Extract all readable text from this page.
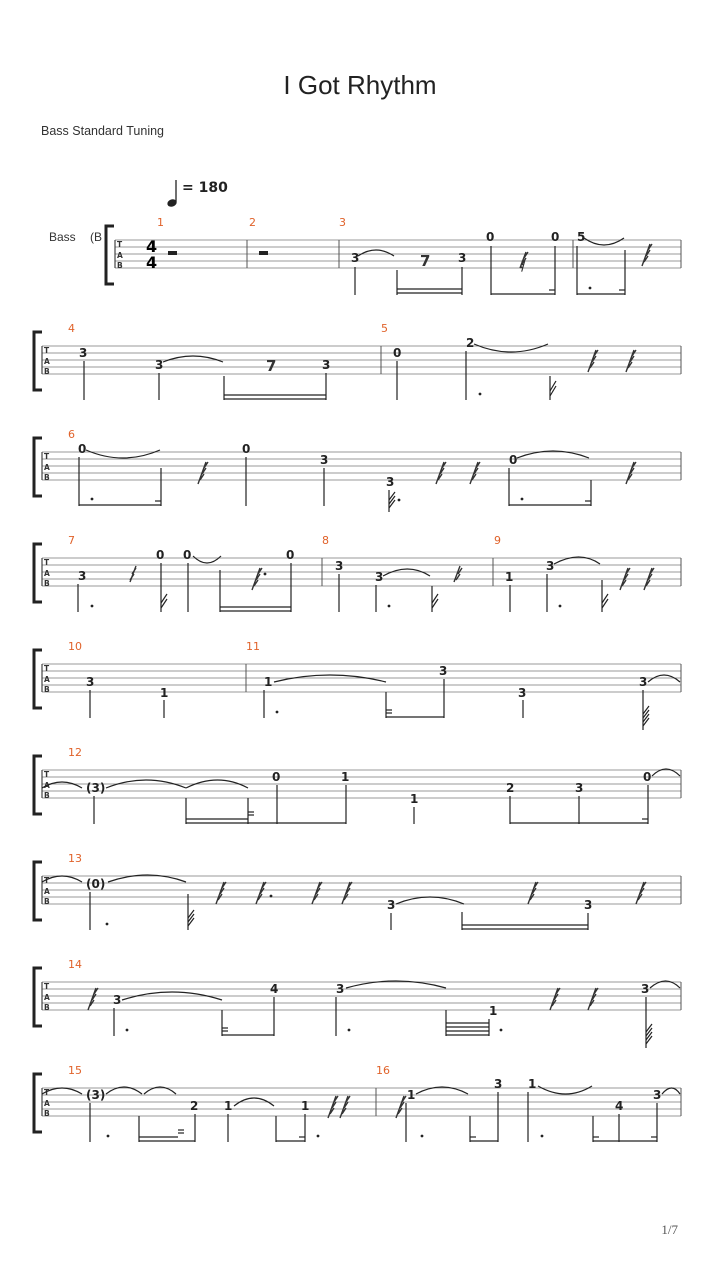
I Got Rhythm
Bass Standard Tuning
= 180
Bass (B
T
A
B
4
4
1	2	3
3	3
0	0 5
7	𝅀
T
A
B
4	5
3
3	3
0
2
7
T
A
B
6
0	0
3
3
0
T
A
B
7	8	9
3
0 0	0
3
3	1
3
T
A
B
10	11
3
1
1
3
3
3
T
A
B
12
(3)
0	1
1
2	3
0
T
A
B
13
(0)
3	3
T
A
B
14
3
4	3
1
3
T
A
B
15	16
(3)
2 1	1
1
3 1
4
3
1/7
